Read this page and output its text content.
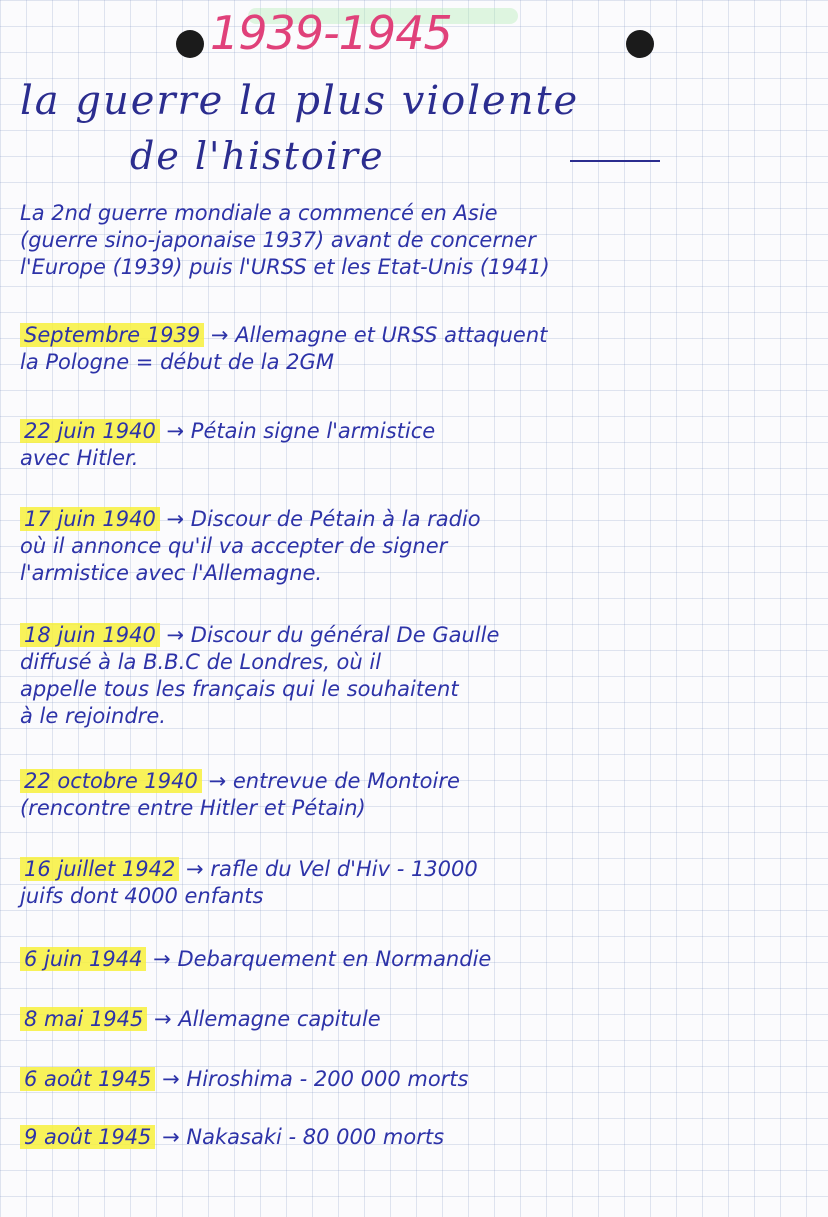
1939-1945
la guerre la plus violente
de l'histoire
La 2nd guerre mondiale a commencé en Asie
(guerre sino-japonaise 1937) avant de concerner
l'Europe (1939) puis l'URSS et les Etat-Unis (1941)
Septembre 1939 → Allemagne et URSS attaquent
la Pologne = début de la 2GM
22 juin 1940 → Pétain signe l'armistice
avec Hitler.
17 juin 1940 → Discour de Pétain à la radio
où il annonce qu'il va accepter de signer
l'armistice avec l'Allemagne.
18 juin 1940 → Discour du général De Gaulle
diffusé à la B.B.C de Londres, où il
appelle tous les français qui le souhaitent
à le rejoindre.
22 octobre 1940 → entrevue de Montoire
(rencontre entre Hitler et Pétain)
16 juillet 1942 → rafle du Vel d'Hiv - 13000
juifs dont 4000 enfants
6 juin 1944 → Debarquement en Normandie
8 mai 1945 → Allemagne capitule
6 août 1945 → Hiroshima - 200 000 morts
9 août 1945 → Nakasaki - 80 000 morts
